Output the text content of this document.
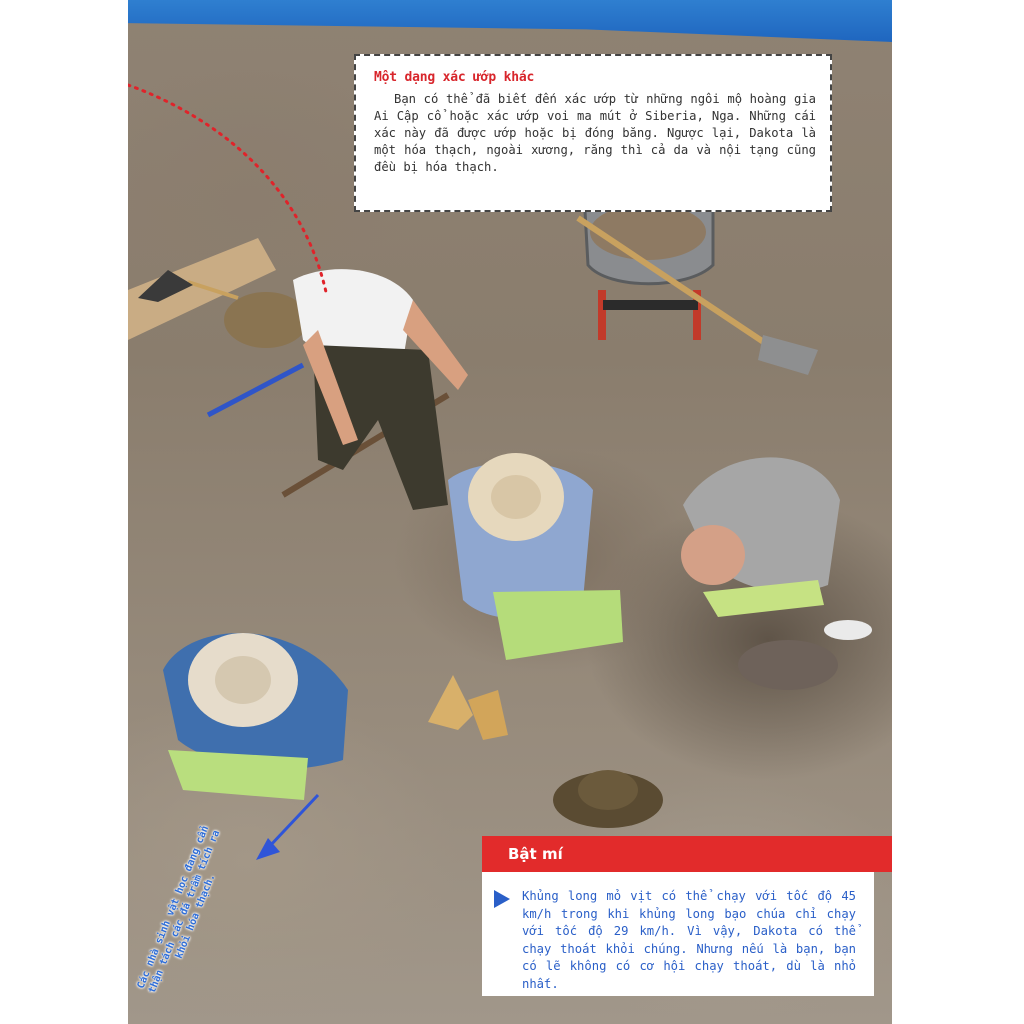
Một dạng xác ướp khác

Bạn có thể đã biết đến xác ướp từ những ngôi mộ hoàng gia Ai Cập cổ hoặc xác ướp voi ma mút ở Siberia, Nga. Những cái xác này đã được ướp hoặc bị đóng băng. Ngược lại, Dakota là một hóa thạch, ngoài xương, răng thì cả da và nội tạng cũng đều bị hóa thạch.

Bật mí

Khủng long mỏ vịt có thể chạy với tốc độ 45 km/h trong khi khủng long bạo chúa chỉ chạy với tốc độ 29 km/h. Vì vậy, Dakota có thể chạy thoát khỏi chúng. Nhưng nếu là bạn, bạn có lẽ không có cơ hội chạy thoát, dù là nhỏ nhất.

Các nhà sinh vật học đang cẩn thận tách các đá trầm tích ra khỏi hóa thạch.
